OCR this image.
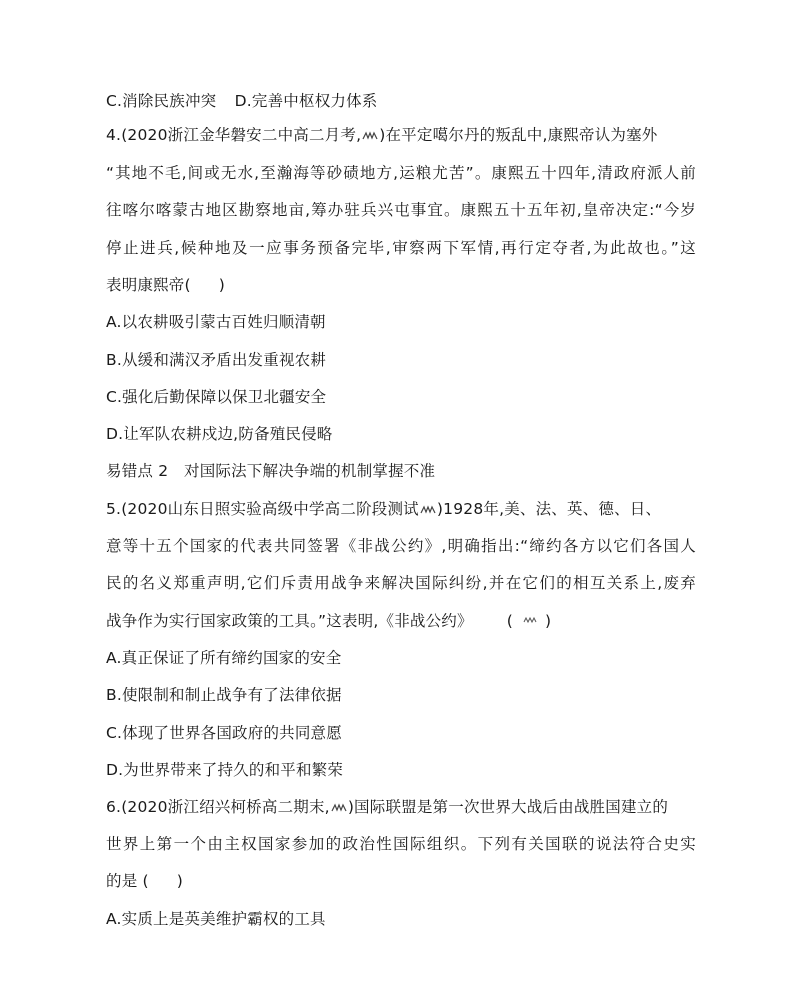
C.消除民族冲突 D.完善中枢权力体系
4.(2020浙江金华磐安二中高二月考, )在平定噶尔丹的叛乱中,康熙帝认为塞外
“其地不毛,间或无水,至瀚海等砂碛地方,运粮尤苦”。康熙五十四年,清政府派人前
往喀尔喀蒙古地区勘察地亩,筹办驻兵兴屯事宜。康熙五十五年初,皇帝决定:“今岁
停止进兵,候种地及一应事务预备完毕,审察两下军情,再行定夺者,为此故也。”这
表明康熙帝( )
A.以农耕吸引蒙古百姓归顺清朝
B.从缓和满汉矛盾出发重视农耕
C.强化后勤保障以保卫北疆安全
D.让军队农耕戍边,防备殖民侵略
易错点 2　对国际法下解决争端的机制掌握不准
5.(2020山东日照实验高级中学高二阶段测试 )1928年,美、法、英、德、日、
意等十五个国家的代表共同签署《非战公约》,明确指出:“缔约各方以它们各国人
民的名义郑重声明,它们斥责用战争来解决国际纠纷,并在它们的相互关系上,废弃
战争作为实行国家政策的工具。”这表明,《非战公约》 ( )
A.真正保证了所有缔约国家的安全
B.使限制和制止战争有了法律依据
C.体现了世界各国政府的共同意愿
D.为世界带来了持久的和平和繁荣
6.(2020浙江绍兴柯桥高二期末, )国际联盟是第一次世界大战后由战胜国建立的
世界上第一个由主权国家参加的政治性国际组织。下列有关国联的说法符合史实
的是 ( )
A.实质上是英美维护霸权的工具
